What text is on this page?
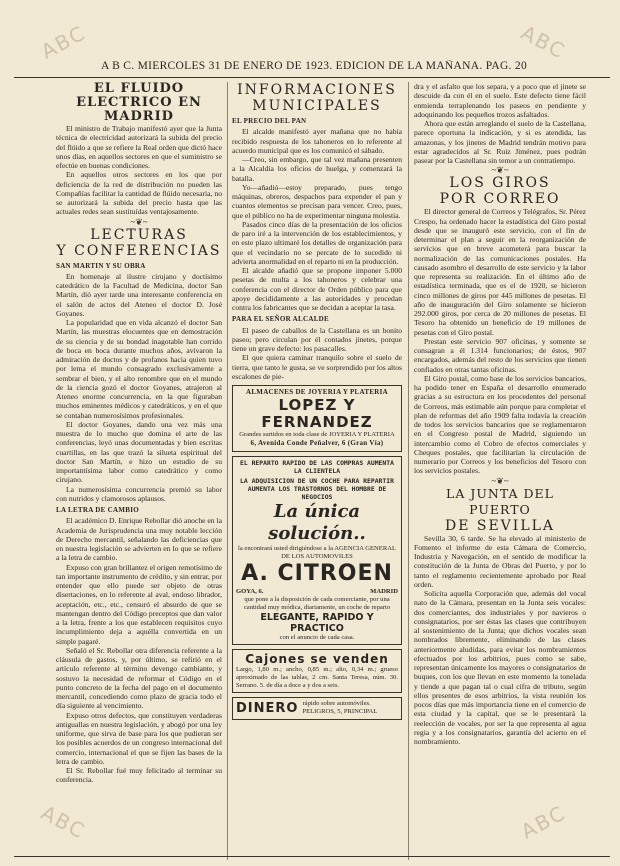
ABC	ABC
ABC	ABC
A B C. MIERCOLES 31 DE ENERO DE 1923. EDICION DE LA MAÑANA. PAG. 20
EL FLUIDO ELECTRICO EN MADRID

El ministro de Trabajo manifestó ayer que la Junta técnica de electricidad autorizará la subida del precio del flúido a que se refiere la Real orden que dictó hace unos días, en aquellos sectores en que el suministro se efectúe en buenas condiciones.

En aquellos otros sectores en los que por deficiencia de la red de distribución no pueden las Compañías facilitar la cantidad de flúido necesaria, no se autorizará la subida del precio hasta que las actuales redes sean sustituídas ventajosamente.

~❦~
LECTURAS
Y CONFERENCIAS
SAN MARTIN Y SU OBRA

En homenaje al ilustre cirujano y doctísimo catedrático de la Facultad de Medicina, doctor San Martín, dió ayer tarde una interesante conferencia en el salón de actos del Ateneo el doctor D. José Goyanes.

La popularidad que en vida alcanzó el doctor San Martín, las muestras elocuentes que en demostración de su ciencia y de su bondad inagotable han corrido de boca en boca durante muchos años, avivaron la admiración de doctos y de profanos hacia quien tuvo por lema el mundo consagrado exclusivamente a sembrar el bien, y el alto renombre que en el mundo de la ciencia gozó el doctor Goyanes, atrajeron al Ateneo enorme concurrencia, en la que figuraban muchos eminentes médicos y catedráticos, y en el que se contaban numerosísimos profesionales.

El doctor Goyanes, dando una vez más una muestra de lo mucho que domina el arte de las conferencias, leyó unas documentadas y bien escritas cuartillas, en las que trazó la silueta espiritual del doctor San Martín, e hizo un estudio de su importantísima labor como catedrático y como cirujano.

La numerosísima concurrencia premió su labor con nutridos y clamorosos aplausos.

LA LETRA DE CAMBIO

El académico D. Enrique Rebollar dió anoche en la Academia de Jurisprudencia una muy notable lección de Derecho mercantil, señalando las deficiencias que en nuestra legislación se advierten en lo que se refiere a la letra de cambio.

Expuso con gran brillantez el origen remotísimo de tan importante instrumento de crédito, y sin entrar, por entender que ello puede ser objeto de otras disertaciones, en lo referente al aval, endoso librador, aceptación, etc., etc., censuró el absurdo de que se mantengan dentro del Código preceptos que dan valor a la letra, frente a los que establecen requisitos cuyo incumplimiento deja a aquélla convertida en un simple pagaré.

Señaló el Sr. Rebollar otra diferencia referente a la cláusula de gastos, y, por último, se refirió en el artículo referente al término devengo cambiante, y sostuvo la necesidad de reformar el Código en el punto concreto de la fecha del pago en el documento mercantil, concediendo como plazo de gracia todo el día siguiente al vencimiento.

Expuso otros defectos, que constituyen verdaderas antiguallas en nuestra legislación, y abogó por una ley uniforme, que sirva de base para los que pudieran ser los posibles acuerdos de un congreso internacional del comercio, internacional el que se fijen las bases de la letra de cambio.

El Sr. Rebollar fué muy felicitado al terminar su conferencia.

INFORMACIONES
MUNICIPALES
EL PRECIO DEL PAN

El alcalde manifestó ayer mañana que no había recibido respuesta de los tahoneros en lo referente al acuerdo municipal que es los comunicó el sábado.

—Creo, sin embargo, que tal vez mañana presenten a la Alcaldía los oficios de huelga, y comenzará la batalla.

Yo—añadió—estoy preparado, pues tengo máquinas, obreros, despachos para expender el pan y cuantos elementos se precisan para vencer. Creo, pues, que el público no ha de experimentar ninguna molestia.

Pasados cinco días de la presentación de los oficios de paro iré a la intervención de los establecimientos, y en este plazo ultimaré los detalles de organización para que el vecindario no se percate de lo sucedido ni advierta anormalidad en el reparto ni en la producción.

El alcalde añadió que se propone imponer 5.000 pesetas de multa a los tahoneros y celebrar una conferencia con el director de Orden público para que apoye decididamente a las autoridades y procedan contra los fabricantes que se decidan a aceptar la tasa.

PARA EL SEÑOR ALCALDE

El paseo de caballos de la Castellana es un bonito paseo; pero circulan por él contados jinetes, porque tiene un grave defecto: los pasacalles.

El que quiera caminar tranquilo sobre el suelo de tierra, que tanto le gusta, se ve sorprendido por los altos escalones de pie-

ALMACENES DE JOYERIA Y PLATERIA
LOPEZ Y FERNANDEZ
Grandes surtidos en toda clase de JOYERIA Y PLATERIA
6, Avenida Conde Peñalver, 6 (Gran Vía)
EL REPARTO RAPIDO DE LAS COMPRAS AUMENTA LA CLIENTELA
LA ADQUISICION DE UN COCHE PARA REPARTIR AUMENTA LOS TRASTORNOS DEL HOMBRE DE NEGOCIOS
La única solución..
la encontrará usted dirigiéndose a la AGENCIA GENERAL DE LOS AUTOMOVILES
A. CITROEN
GOYA, 6.	MADRID
que pone a la disposición de cada comerciante, por una cantidad muy módica, diariamente, un coche de reparto
ELEGANTE, RAPIDO Y PRACTICO
con el anuncio de cada casa.
Cajones se venden
Largo, 1,80 m.; ancho, 0,85 m.; alto, 0,34 m.; grueso aproximado de las tablas, 2 cm. Santa Teresa, núm. 30. Serrano. 5. de día a doce a y dos a seis.
DINERO rápido sobre automóviles. PELIGROS, 5, PRINCIPAL

dra y el asfalto que los separa, y a poco que el jinete se descuide da con él en el suelo. Este defecto tiene fácil enmienda terraplenando los paseos en pendiente y adoquinando los pequeños trozos asfaltados.

Ahora que están arreglando el suelo de la Castellana, parece oportuna la indicación, y si es atendida, las amazonas, y los jinetes de Madrid tendrán motivo para estar agradecidos al Sr. Ruiz Jiménez, pues podrán pasear por la Castellana sin temor a un contratiempo.

~❦~
LOS GIROS
POR CORREO

El director general de Correos y Telégrafos, Sr. Pérez Crespo, ha ordenado hacer la estadística del Giro postal desde que se inauguró este servicio, con el fin de determinar el plan a seguir en la reorganización de servicios que en breve acometerá para buscar la normalización de las comunicaciones postales. Ha causado asombro el desarrollo de este servicio y la labor que representa su realización. En el último año de estadística terminada, que es el de 1920, se hicieron cinco millones de giros por 445 millones de pesetas. El año de inauguración del Giro solamente se hicieron 292.000 giros, por cerca de 20 millones de pesetas. El Tesoro ha obtenido un beneficio de 19 millones de pesetas con el Giro postal.

Prestan este servicio 907 oficinas, y somente se consagran a él 1.314 funcionarios; de éstos, 907 encargados, además del resto de los servicios que tienen confiados en otras tantas oficinas.

El Giro postal, como base de los servicios bancarios, ha podido tener en España el desarrollo enumerado gracias a su estructura en los procedentes del personal de Correos, más estimable aún porque para completar el plan de reformas del año 1909 falta todavía la creación de todos los servicios bancarios que se reglamentaron en el Congreso postal de Madrid, siguiendo un intercambio como el Cobro de efectos comerciales y Cheques postales, que facilitarían la circulación de numerario por Correos y los beneficios del Tesoro con los servicios postales.

~❦~
LA JUNTA DEL PUERTO
DE SEVILLA

Sevilla 30, 6 tarde. Se ha elevado al ministerio de Fomento el informe de esta Cámara de Comercio, Industria y Navegación, en el sentido de modificar la constitución de la Junta de Obras del Puerto, y por lo tanto el reglamento recientemente aprobado por Real orden.

Solicita aquella Corporación que, además del vocal nato de la Cámara, presentan en la Junta seis vocales: dos comerciantes, dos industriales y por navieros o consignatarios, por ser éstas las clases que contribuyen al sostenimiento de la Junta; que dichos vocales sean nombrados libremente, eliminando de las clases anteriormente aludidas, para evitar los nombramientos efectuados por los arbitrios, pues como se sabe, representan únicamente los mayores o consignatarios de buques, con los que llevan en este momento la tonelada y tiende a que pagan tal o cual cifra de tributo, según ellos presentes de esos arbitrios, la vista reunión los pocos días que más importancia tiene en el comercio de esta ciudad y la capital, que se le presentará la reelección de vocales, por ser la que representa al agua regia y a los consignatarios, garantía del acierto en el nombramiento.
